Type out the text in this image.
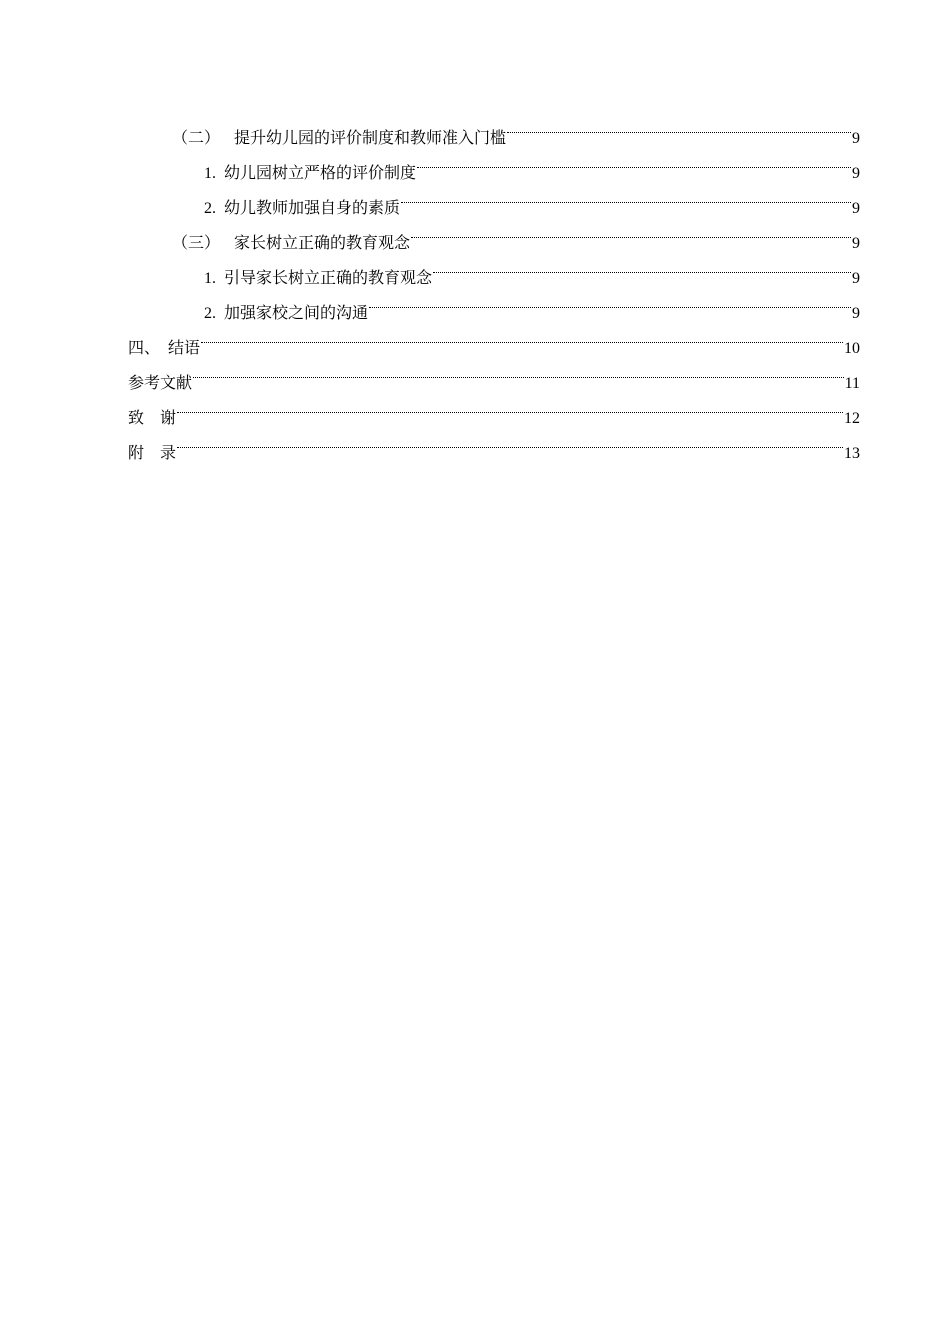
（二） 提升幼儿园的评价制度和教师准入门槛	9
1. 幼儿园树立严格的评价制度	9
2. 幼儿教师加强自身的素质	9
（三） 家长树立正确的教育观念	9
1. 引导家长树立正确的教育观念	9
2. 加强家校之间的沟通	9
四、 结语	10
参考文献	11
致　谢	12
附　录	13
